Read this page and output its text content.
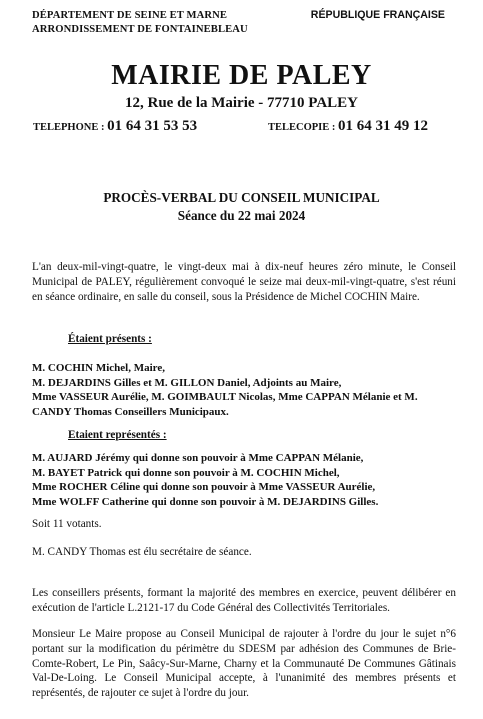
DÉPARTEMENT DE SEINE ET MARNE
ARRONDISSEMENT DE FONTAINEBLEAU
RÉPUBLIQUE FRANÇAISE
MAIRIE DE PALEY
12, Rue de la Mairie - 77710 PALEY
TELEPHONE : 01 64 31 53 53	TELECOPIE : 01 64 31 49 12
PROCÈS-VERBAL DU CONSEIL MUNICIPAL
Séance du 22 mai 2024
L'an deux-mil-vingt-quatre, le vingt-deux mai à dix-neuf heures zéro minute, le Conseil Municipal de PALEY, régulièrement convoqué le seize mai deux-mil-vingt-quatre, s'est réuni en séance ordinaire, en salle du conseil, sous la Présidence de Michel COCHIN Maire.
Étaient présents :
M. COCHIN Michel, Maire,
M. DEJARDINS Gilles et M. GILLON Daniel, Adjoints au Maire,
Mme VASSEUR Aurélie, M. GOIMBAULT Nicolas, Mme CAPPAN Mélanie et M.
CANDY Thomas Conseillers Municipaux.
Etaient représentés :
M. AUJARD Jérémy qui donne son pouvoir à Mme CAPPAN Mélanie,
M. BAYET Patrick qui donne son pouvoir à M. COCHIN Michel,
Mme ROCHER Céline qui donne son pouvoir à Mme VASSEUR Aurélie,
Mme WOLFF Catherine qui donne son pouvoir à M. DEJARDINS Gilles.
Soit 11 votants.
M. CANDY Thomas est élu secrétaire de séance.
Les conseillers présents, formant la majorité des membres en exercice, peuvent délibérer en exécution de l'article L.2121-17 du Code Général des Collectivités Territoriales.
Monsieur Le Maire propose au Conseil Municipal de rajouter à l'ordre du jour le sujet n°6 portant sur la modification du périmètre du SDESM par adhésion des Communes de Brie-Comte-Robert, Le Pin, Saâcy-Sur-Marne, Charny et la Communauté De Communes Gâtinais Val-De-Loing. Le Conseil Municipal accepte, à l'unanimité des membres présents et représentés, de rajouter ce sujet à l'ordre du jour.
